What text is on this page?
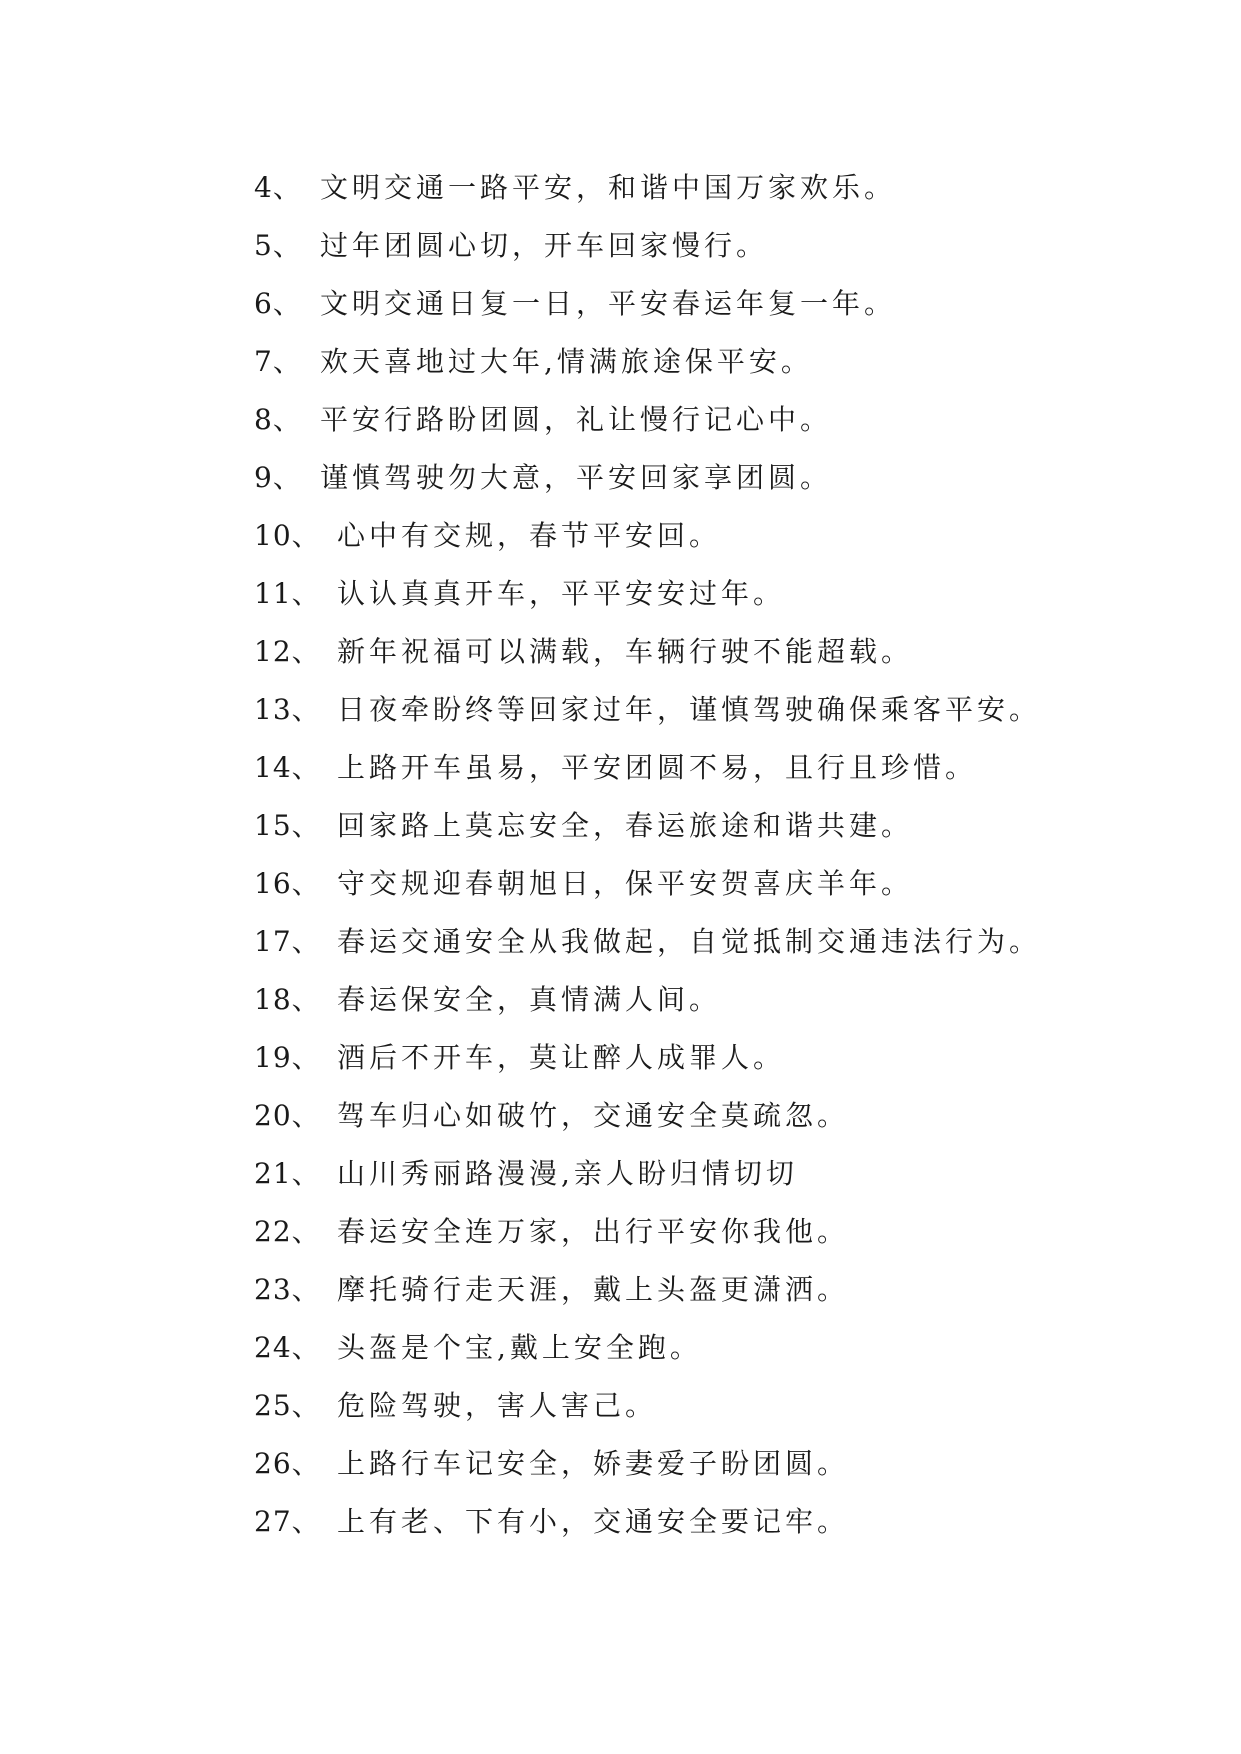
4、 文明交通一路平安，和谐中国万家欢乐。
5、 过年团圆心切，开车回家慢行。
6、 文明交通日复一日，平安春运年复一年。
7、 欢天喜地过大年,情满旅途保平安。
8、 平安行路盼团圆，礼让慢行记心中。
9、 谨慎驾驶勿大意，平安回家享团圆。
10、 心中有交规，春节平安回。
11、 认认真真开车，平平安安过年。
12、 新年祝福可以满载，车辆行驶不能超载。
13、 日夜牵盼终等回家过年，谨慎驾驶确保乘客平安。
14、 上路开车虽易，平安团圆不易，且行且珍惜。
15、 回家路上莫忘安全，春运旅途和谐共建。
16、 守交规迎春朝旭日，保平安贺喜庆羊年。
17、 春运交通安全从我做起，自觉抵制交通违法行为。
18、 春运保安全，真情满人间。
19、 酒后不开车，莫让醉人成罪人。
20、 驾车归心如破竹，交通安全莫疏忽。
21、 山川秀丽路漫漫,亲人盼归情切切
22、 春运安全连万家，出行平安你我他。
23、 摩托骑行走天涯，戴上头盔更潇洒。
24、 头盔是个宝,戴上安全跑。
25、 危险驾驶，害人害己。
26、 上路行车记安全，娇妻爱子盼团圆。
27、 上有老、下有小，交通安全要记牢。
